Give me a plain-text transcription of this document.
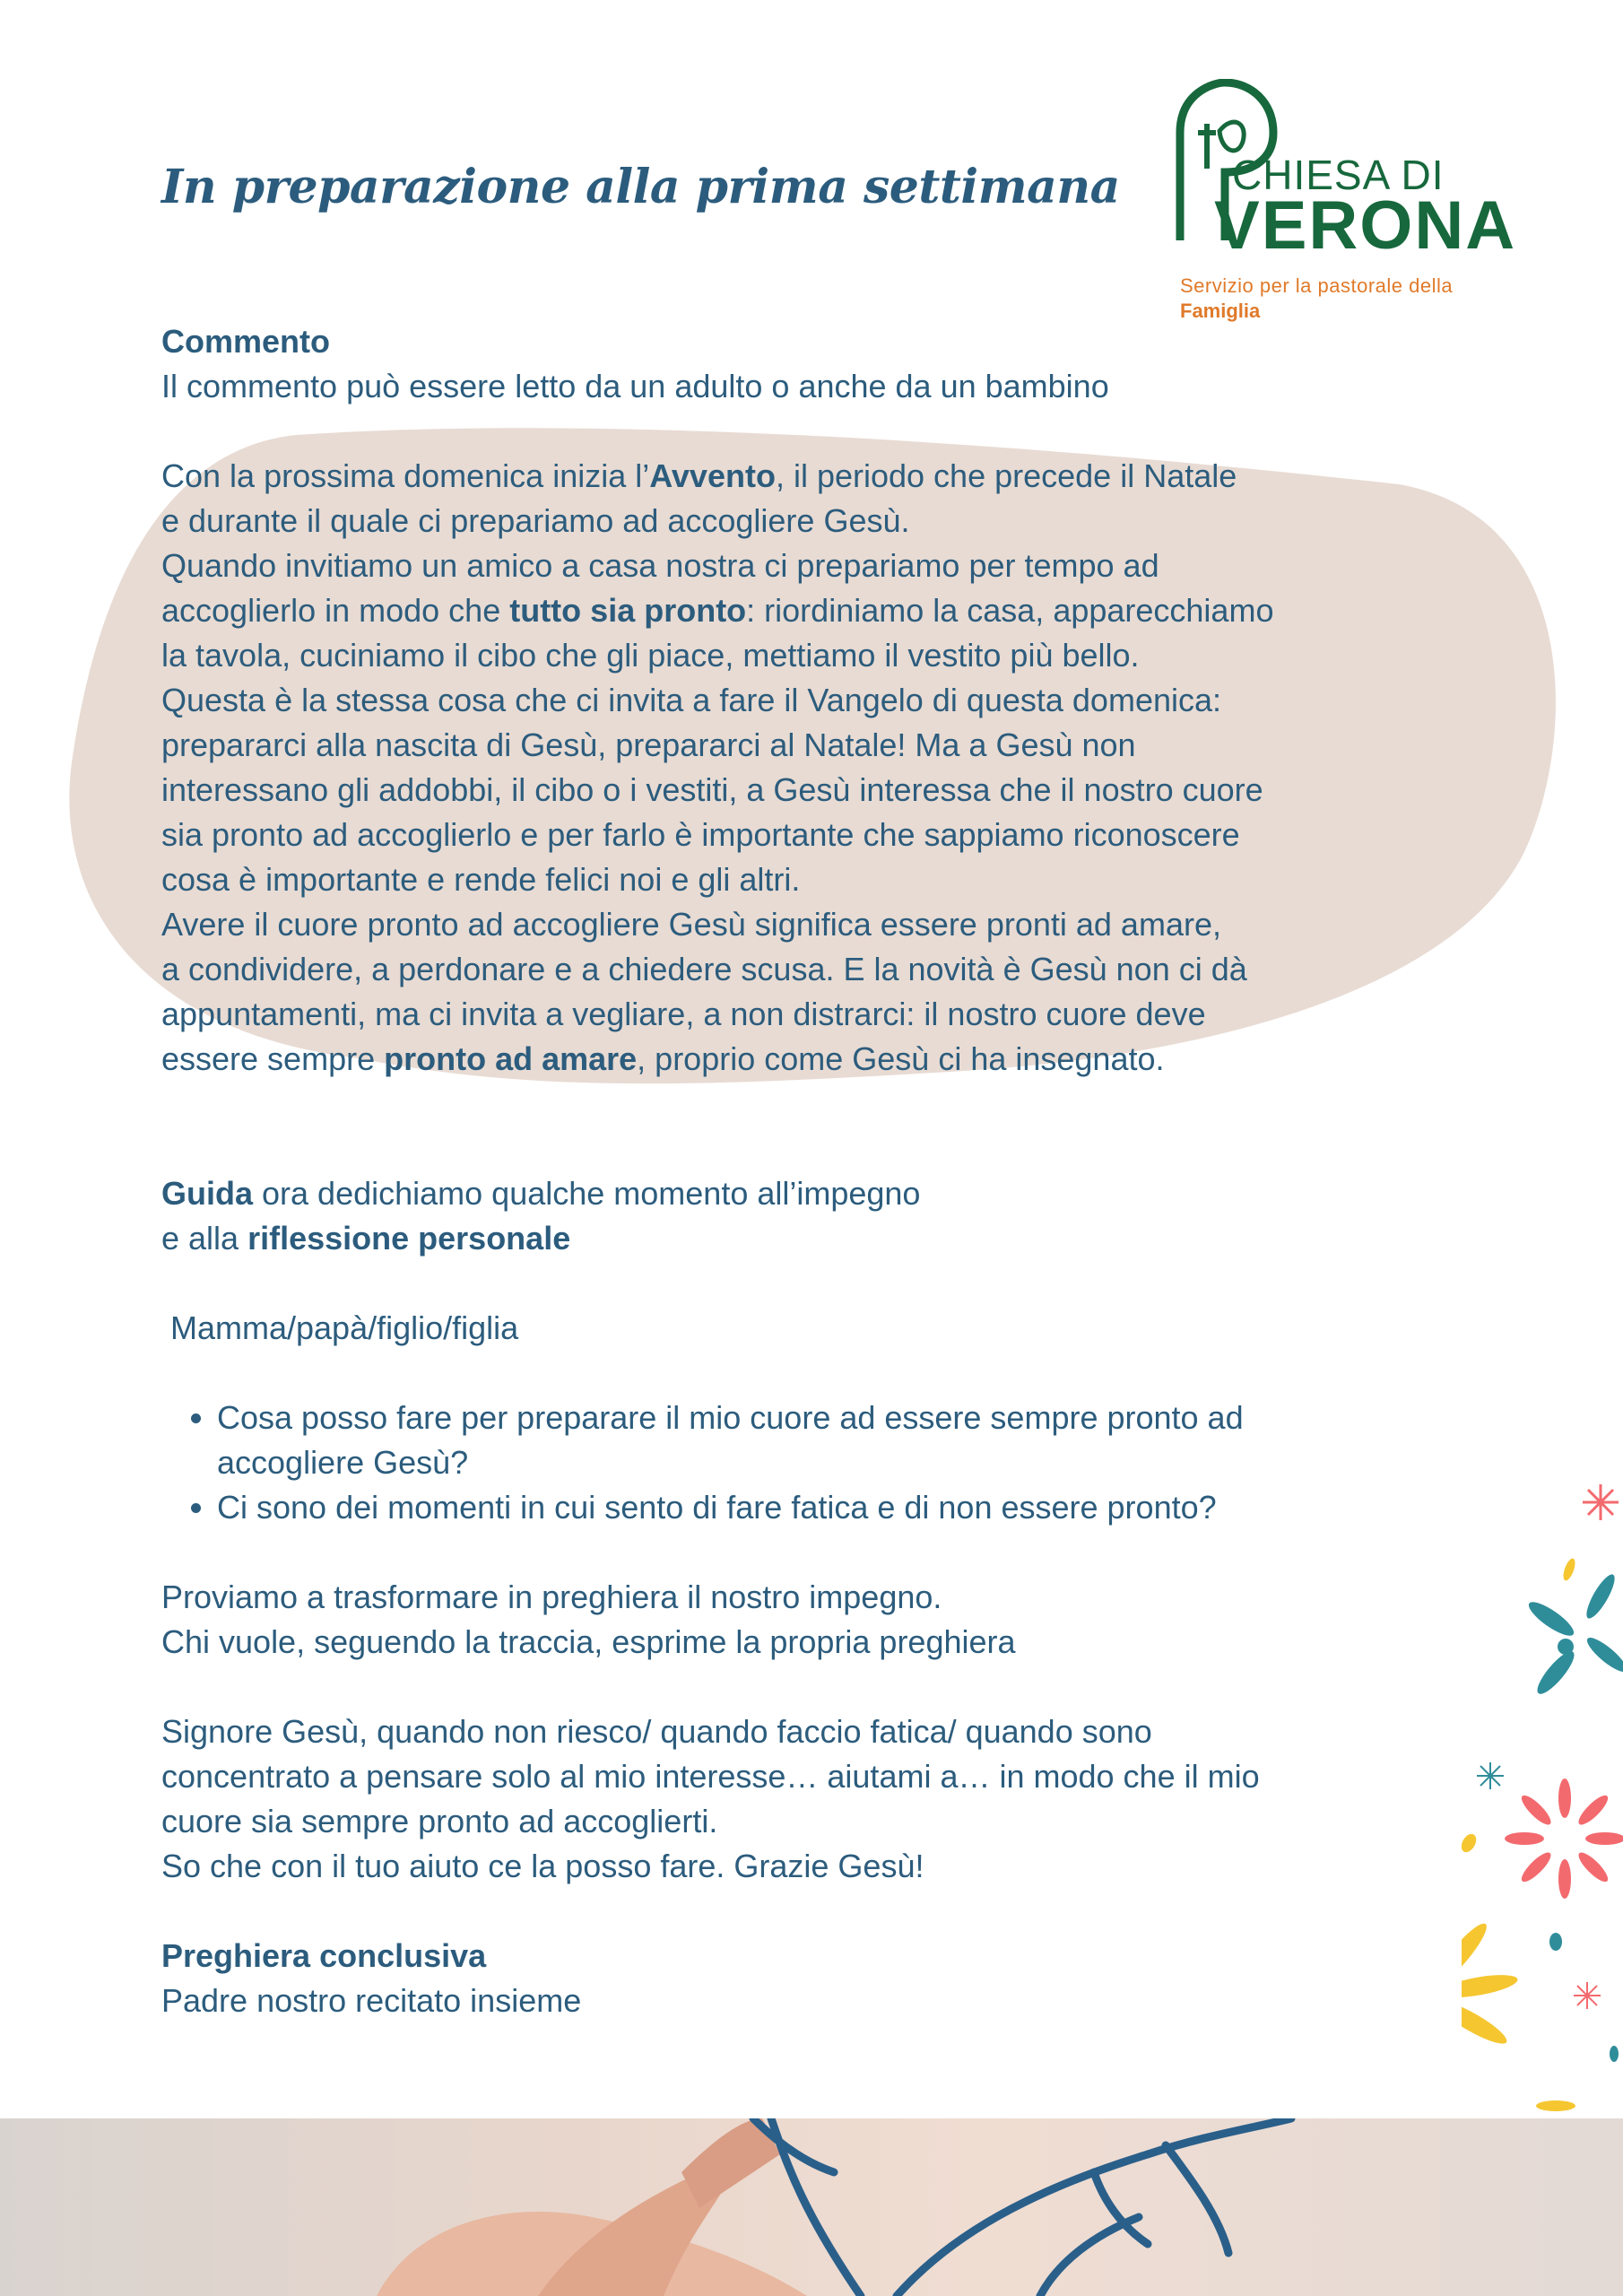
In preparazione alla prima settimana	CHIESA DI
VERONA
Servizio per la pastorale della
Famiglia

Commento

Il commento può essere letto da un adulto o anche da un bambino

Con la prossima domenica inizia l’Avvento, il periodo che precede il Natale

e durante il quale ci prepariamo ad accogliere Gesù.

Quando invitiamo un amico a casa nostra ci prepariamo per tempo ad

accoglierlo in modo che tutto sia pronto: riordiniamo la casa, apparecchiamo

la tavola, cuciniamo il cibo che gli piace, mettiamo il vestito più bello.

Questa è la stessa cosa che ci invita a fare il Vangelo di questa domenica:

prepararci alla nascita di Gesù, prepararci al Natale! Ma a Gesù non

interessano gli addobbi, il cibo o i vestiti, a Gesù interessa che il nostro cuore

sia pronto ad accoglierlo e per farlo è importante che sappiamo riconoscere

cosa è importante e rende felici noi e gli altri.

Avere il cuore pronto ad accogliere Gesù significa essere pronti ad amare,

a condividere, a perdonare e a chiedere scusa. E la novità è Gesù non ci dà

appuntamenti, ma ci invita a vegliare, a non distrarci: il nostro cuore deve

essere sempre pronto ad amare, proprio come Gesù ci ha insegnato.

Guida ora dedichiamo qualche momento all’impegno

e alla riflessione personale

Mamma/papà/figlio/figlia

• Cosa posso fare per preparare il mio cuore ad essere sempre pronto ad
accogliere Gesù?
• Ci sono dei momenti in cui sento di fare fatica e di non essere pronto?

Proviamo a trasformare in preghiera il nostro impegno.

Chi vuole, seguendo la traccia, esprime la propria preghiera

Signore Gesù, quando non riesco/ quando faccio fatica/ quando sono

concentrato a pensare solo al mio interesse… aiutami a… in modo che il mio

cuore sia sempre pronto ad accoglierti.

So che con il tuo aiuto ce la posso fare. Grazie Gesù!

Preghiera conclusiva

Padre nostro recitato insieme
